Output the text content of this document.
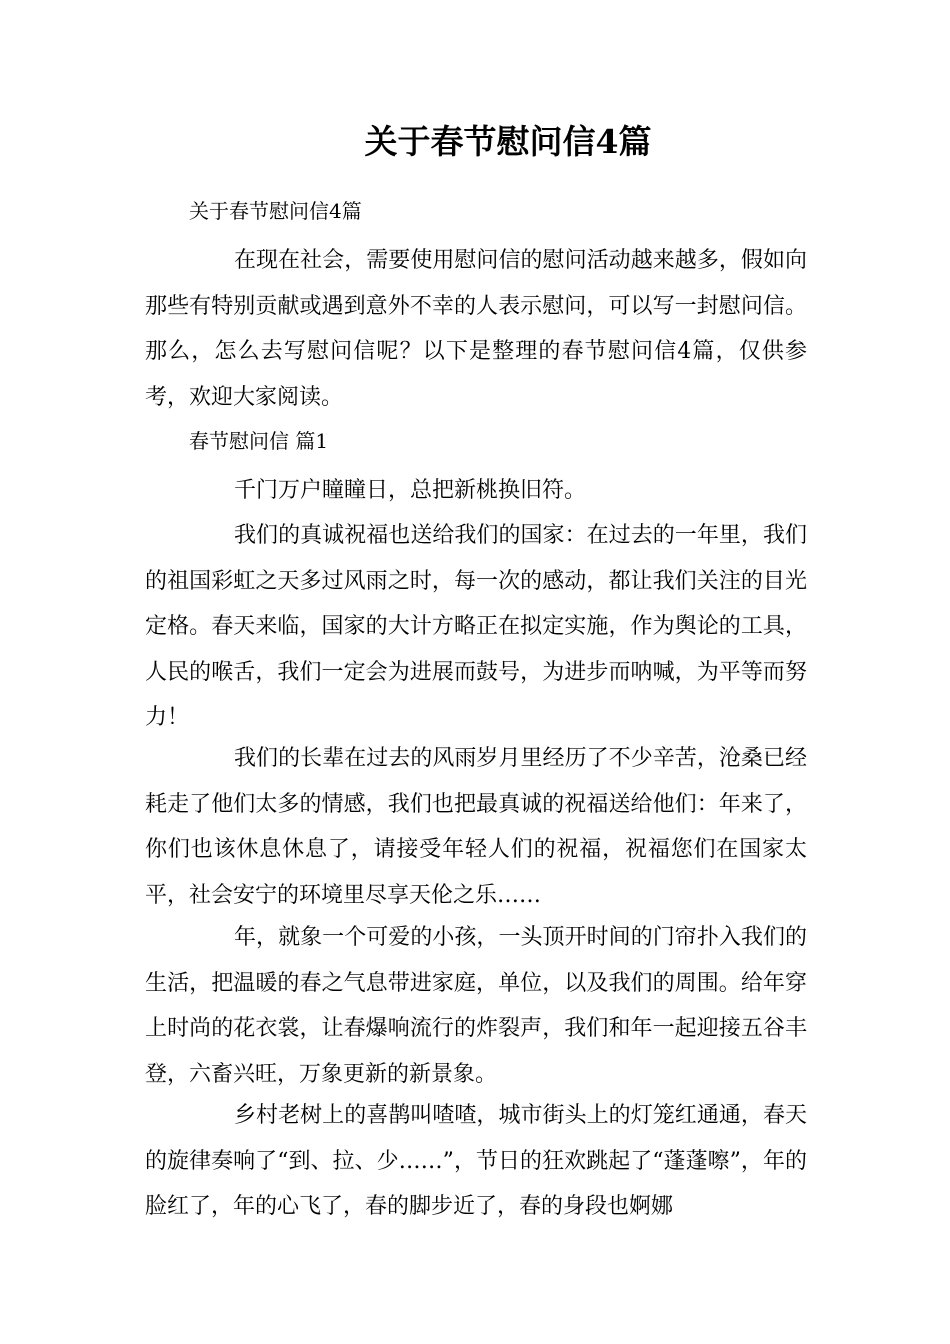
关于春节慰问信4篇
关于春节慰问信4篇
在现在社会，需要使用慰问信的慰问活动越来越多，假如向那些有特别贡献或遇到意外不幸的人表示慰问，可以写一封慰问信。那么，怎么去写慰问信呢？以下是整理的春节慰问信4篇，仅供参考，欢迎大家阅读。
春节慰问信 篇1
千门万户瞳瞳日，总把新桃换旧符。
我们的真诚祝福也送给我们的国家：在过去的一年里，我们的祖国彩虹之天多过风雨之时，每一次的感动，都让我们关注的目光定格。春天来临，国家的大计方略正在拟定实施，作为舆论的工具，人民的喉舌，我们一定会为进展而鼓号，为进步而呐喊，为平等而努力！
我们的长辈在过去的风雨岁月里经历了不少辛苦，沧桑已经耗走了他们太多的情感，我们也把最真诚的祝福送给他们：年来了，你们也该休息休息了，请接受年轻人们的祝福，祝福您们在国家太平，社会安宁的环境里尽享天伦之乐……
年，就象一个可爱的小孩，一头顶开时间的门帘扑入我们的生活，把温暖的春之气息带进家庭，单位，以及我们的周围。给年穿上时尚的花衣裳，让春爆响流行的炸裂声，我们和年一起迎接五谷丰登，六畜兴旺，万象更新的新景象。
乡村老树上的喜鹊叫喳喳，城市街头上的灯笼红通通，春天的旋律奏响了“到、拉、少……”，节日的狂欢跳起了“蓬蓬嚓”，年的脸红了，年的心飞了，春的脚步近了，春的身段也婀娜
